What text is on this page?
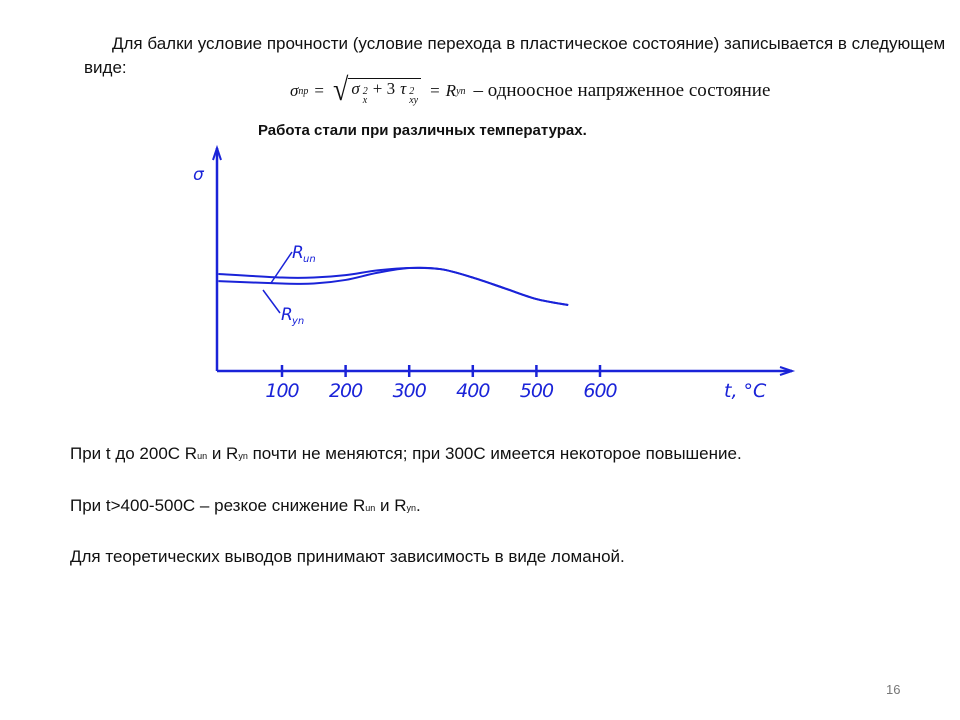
Для балки условие прочности (условие перехода в пластическое состояние) записывается в следующем виде:

σ пр = √ σ 2
x
+ 3 τ 2
xy = R yn – одноосное напряженное состояние

Работа стали при различных температурах.

σ
t, °C
100 200 300 400 500 600
R un
R yn

При t до 200С Run и Ryn почти не меняются; при 300С имеется некоторое повышение.

При t>400-500С – резкое снижение Run и Ryn.

Для теоретических выводов принимают зависимость в виде ломаной.

16
